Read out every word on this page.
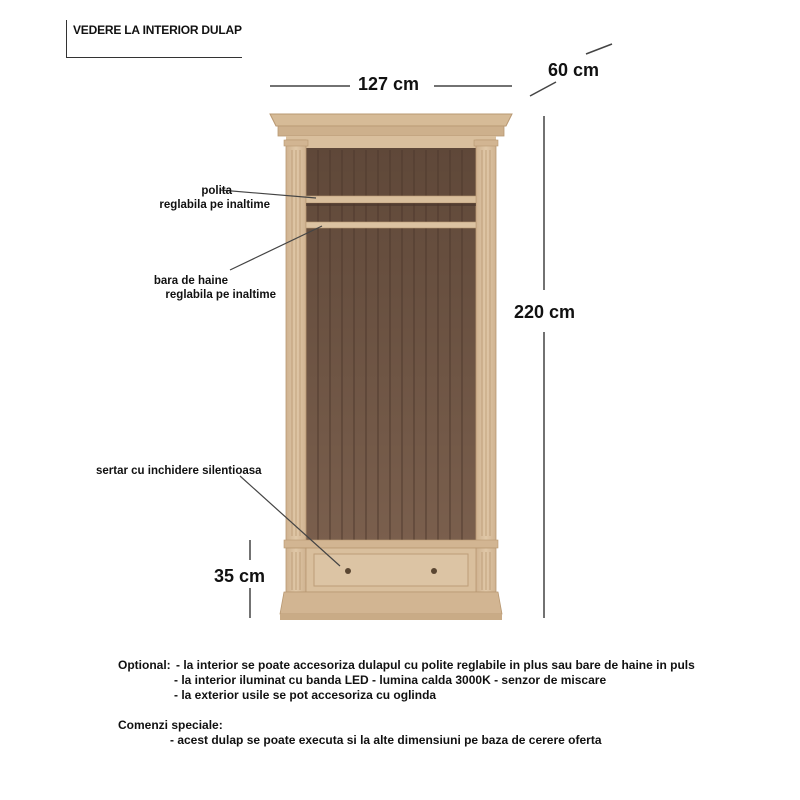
VEDERE LA INTERIOR DULAP
127 cm
60 cm
220 cm
35 cm
polita
reglabila pe inaltime
bara de haine
reglabila pe inaltime
sertar cu inchidere silentioasa
Optional: - la interior se poate accesoriza dulapul cu polite reglabile in plus sau bare de haine in puls
- la interior iluminat cu banda LED - lumina calda 3000K - senzor de miscare
- la exterior usile se pot accesoriza cu oglinda
Comenzi speciale:
- acest dulap se poate executa si la alte dimensiuni pe baza de cerere oferta
